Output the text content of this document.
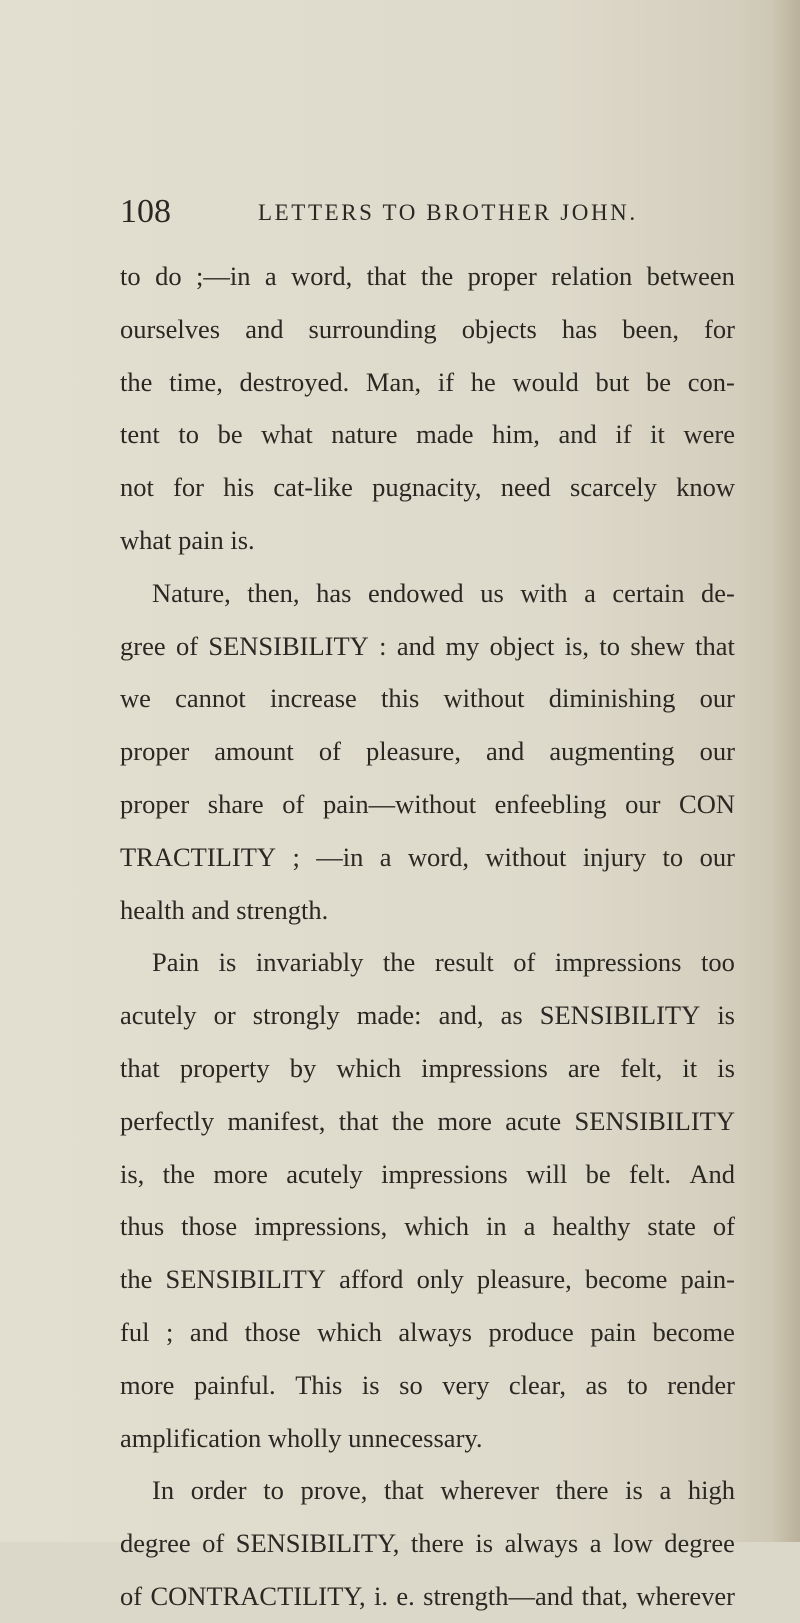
108	LETTERS TO BROTHER JOHN.
to do ;—in a word, that the proper relation between
ourselves and surrounding objects has been, for
the time, destroyed. Man, if he would but be con-
tent to be what nature made him, and if it were
not for his cat-like pugnacity, need scarcely know
what pain is.
Nature, then, has endowed us with a certain de-
gree of SENSIBILITY : and my object is, to shew that
we cannot increase this without diminishing our
proper amount of pleasure, and augmenting our
proper share of pain—without enfeebling our CON
TRACTILITY ; —in a word, without injury to our
health and strength.
Pain is invariably the result of impressions too
acutely or strongly made: and, as SENSIBILITY is
that property by which impressions are felt, it is
perfectly manifest, that the more acute SENSIBILITY
is, the more acutely impressions will be felt. And
thus those impressions, which in a healthy state of
the SENSIBILITY afford only pleasure, become pain-
ful ; and those which always produce pain become
more painful. This is so very clear, as to render
amplification wholly unnecessary.
In order to prove, that wherever there is a high
degree of SENSIBILITY, there is always a low degree
of CONTRACTILITY, i. e. strength—and that, wherever
